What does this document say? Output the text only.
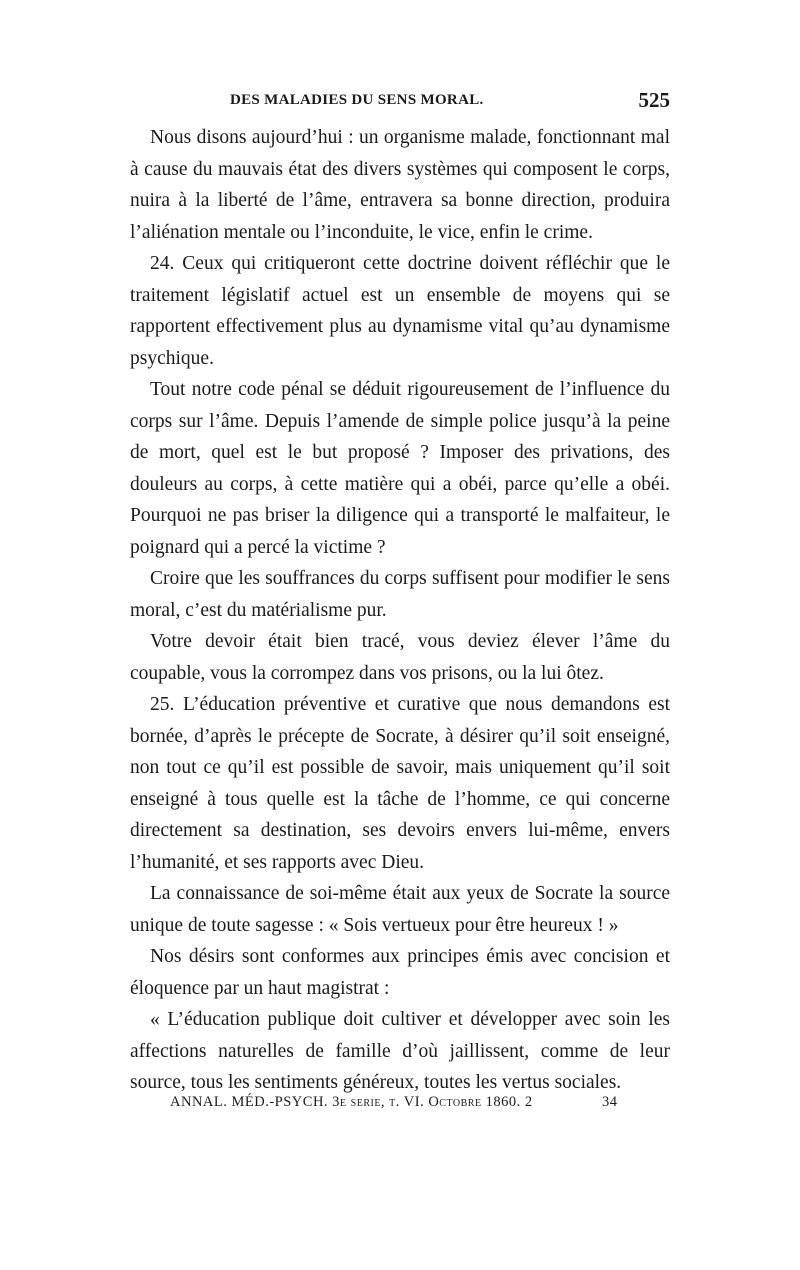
DES MALADIES DU SENS MORAL.	525

Nous disons aujourd’hui : un organisme malade, fonctionnant mal à cause du mauvais état des divers systèmes qui composent le corps, nuira à la liberté de l’âme, entravera sa bonne direction, produira l’aliénation mentale ou l’inconduite, le vice, enfin le crime.

24. Ceux qui critiqueront cette doctrine doivent réfléchir que le traitement législatif actuel est un ensemble de moyens qui se rapportent effectivement plus au dynamisme vital qu’au dynamisme psychique.

Tout notre code pénal se déduit rigoureusement de l’influence du corps sur l’âme. Depuis l’amende de simple police jusqu’à la peine de mort, quel est le but proposé ? Imposer des privations, des douleurs au corps, à cette matière qui a obéi, parce qu’elle a obéi. Pourquoi ne pas briser la diligence qui a transporté le malfaiteur, le poignard qui a percé la victime ?

Croire que les souffrances du corps suffisent pour modifier le sens moral, c’est du matérialisme pur.

Votre devoir était bien tracé, vous deviez élever l’âme du coupable, vous la corrompez dans vos prisons, ou la lui ôtez.

25. L’éducation préventive et curative que nous demandons est bornée, d’après le précepte de Socrate, à désirer qu’il soit enseigné, non tout ce qu’il est possible de savoir, mais uniquement qu’il soit enseigné à tous quelle est la tâche de l’homme, ce qui concerne directement sa destination, ses devoirs envers lui-même, envers l’humanité, et ses rapports avec Dieu.

La connaissance de soi-même était aux yeux de Socrate la source unique de toute sagesse : « Sois vertueux pour être heureux ! »

Nos désirs sont conformes aux principes émis avec concision et éloquence par un haut magistrat :

« L’éducation publique doit cultiver et développer avec soin les affections naturelles de famille d’où jaillissent, comme de leur source, tous les sentiments généreux, toutes les vertus sociales.

ANNAL. MÉD.-PSYCH. 3e serie, t. VI. Octobre 1860. 2	34
